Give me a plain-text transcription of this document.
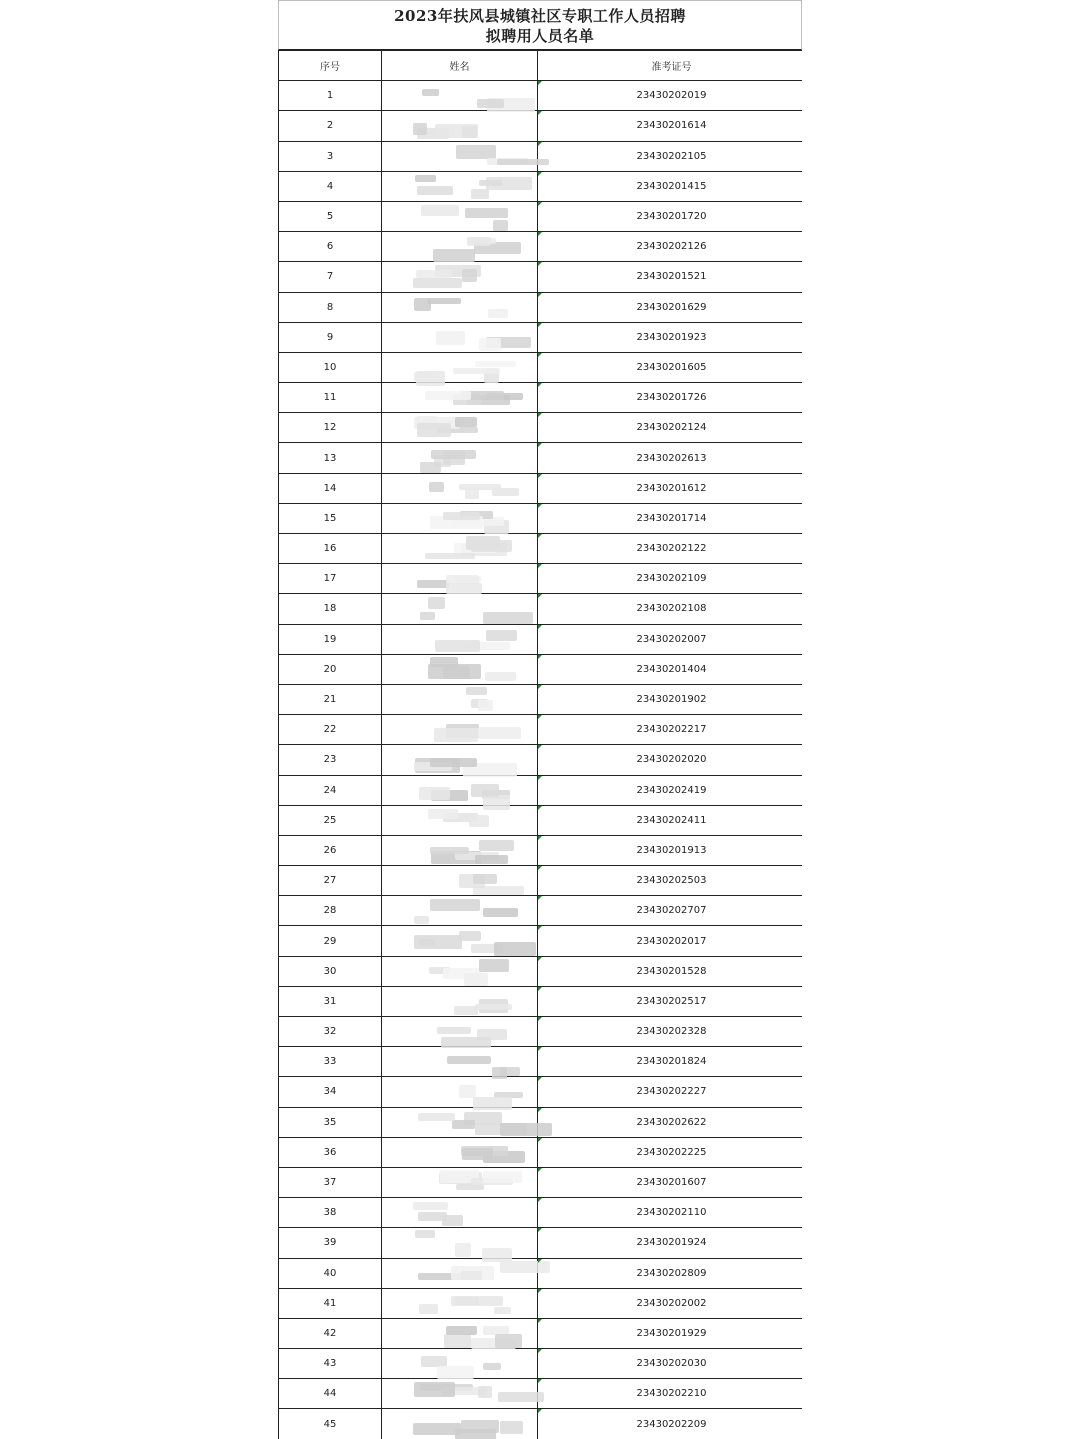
2023年扶风县城镇社区专职工作人员招聘
拟聘用人员名单
序号	姓名	准考证号
1		23430202019
2		23430201614
3		23430202105
4		23430201415
5		23430201720
6		23430202126
7		23430201521
8		23430201629
9		23430201923
10		23430201605
11		23430201726
12		23430202124
13		23430202613
14		23430201612
15		23430201714
16		23430202122
17		23430202109
18		23430202108
19		23430202007
20		23430201404
21		23430201902
22		23430202217
23		23430202020
24		23430202419
25		23430202411
26		23430201913
27		23430202503
28		23430202707
29		23430202017
30		23430201528
31		23430202517
32		23430202328
33		23430201824
34		23430202227
35		23430202622
36		23430202225
37		23430201607
38		23430202110
39		23430201924
40		23430202809
41		23430202002
42		23430201929
43		23430202030
44		23430202210
45		23430202209
